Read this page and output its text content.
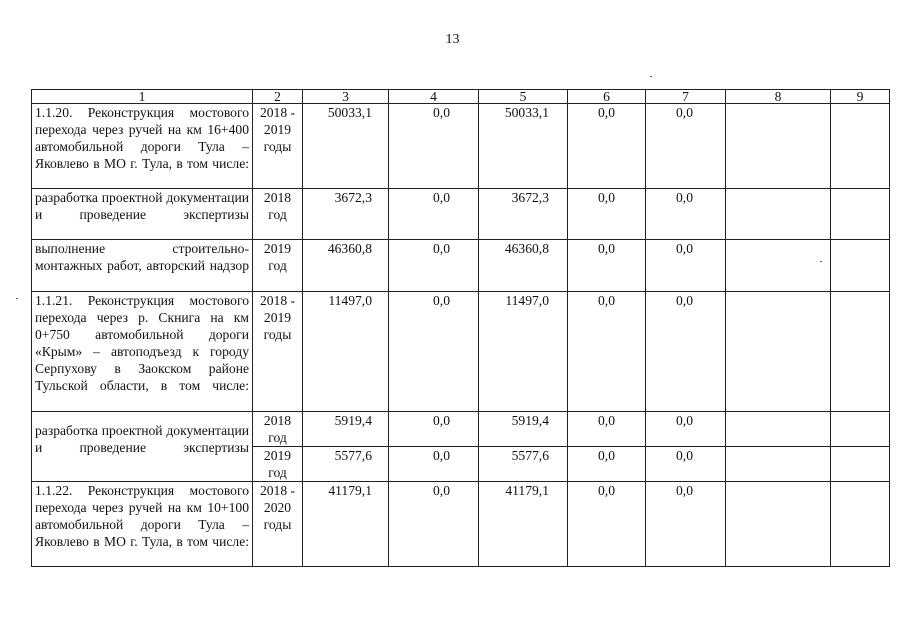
13
1	2	3	4	5	6	7	8	9
1.1.20. Реконструкция мостового перехода через ручей на км 16+400 автомобильной дороги Тула – Яковлево в МО г. Тула, в том числе:	2018 - 2019 годы	50033,1	0,0	50033,1	0,0	0,0		
разработка проектной документации и проведение экспертизы	2018 год	3672,3	0,0	3672,3	0,0	0,0		
выполнение строительно-монтажных работ, авторский надзор	2019 год	46360,8	0,0	46360,8	0,0	0,0		
1.1.21. Реконструкция мостового перехода через р. Скнига на км 0+750 автомобильной дороги «Крым» – автоподъезд к городу Серпухову в Заокском районе Тульской области, в том числе:	2018 - 2019 годы	11497,0	0,0	11497,0	0,0	0,0		
разработка проектной документации и проведение экспертизы	2018 год	5919,4	0,0	5919,4	0,0	0,0		
	2019 год	5577,6	0,0	5577,6	0,0	0,0		
1.1.22. Реконструкция мостового перехода через ручей на км 10+100 автомобильной дороги Тула – Яковлево в МО г. Тула, в том числе:	2018 - 2020 годы	41179,1	0,0	41179,1	0,0	0,0		
